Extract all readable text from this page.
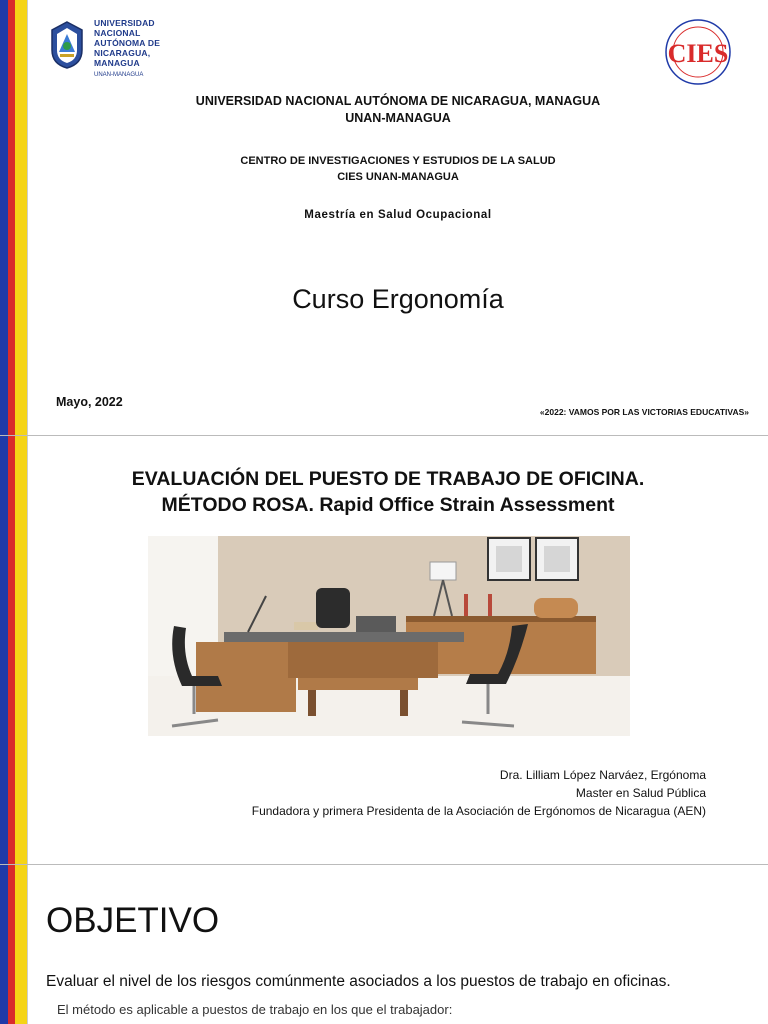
UNIVERSIDAD
NACIONAL
AUTÓNOMA DE
NICARAGUA,
MANAGUA
UNAN-MANAGUA
CIES
UNIVERSIDAD NACIONAL AUTÓNOMA DE NICARAGUA, MANAGUA
UNAN-MANAGUA
CENTRO DE INVESTIGACIONES Y ESTUDIOS DE LA SALUD
CIES UNAN-MANAGUA
Maestría en Salud Ocupacional
Curso Ergonomía
Mayo, 2022
«2022: VAMOS POR LAS VICTORIAS EDUCATIVAS»
EVALUACIÓN DEL PUESTO DE TRABAJO DE OFICINA.
MÉTODO ROSA. Rapid Office Strain Assessment
Dra. Lilliam López Narváez, Ergónoma
Master en Salud Pública
Fundadora y primera Presidenta de la Asociación de Ergónomos de Nicaragua (AEN)
OBJETIVO
Evaluar el nivel de los riesgos comúnmente asociados a los puestos de trabajo en oficinas.
El método es aplicable a puestos de trabajo en los que el trabajador:
